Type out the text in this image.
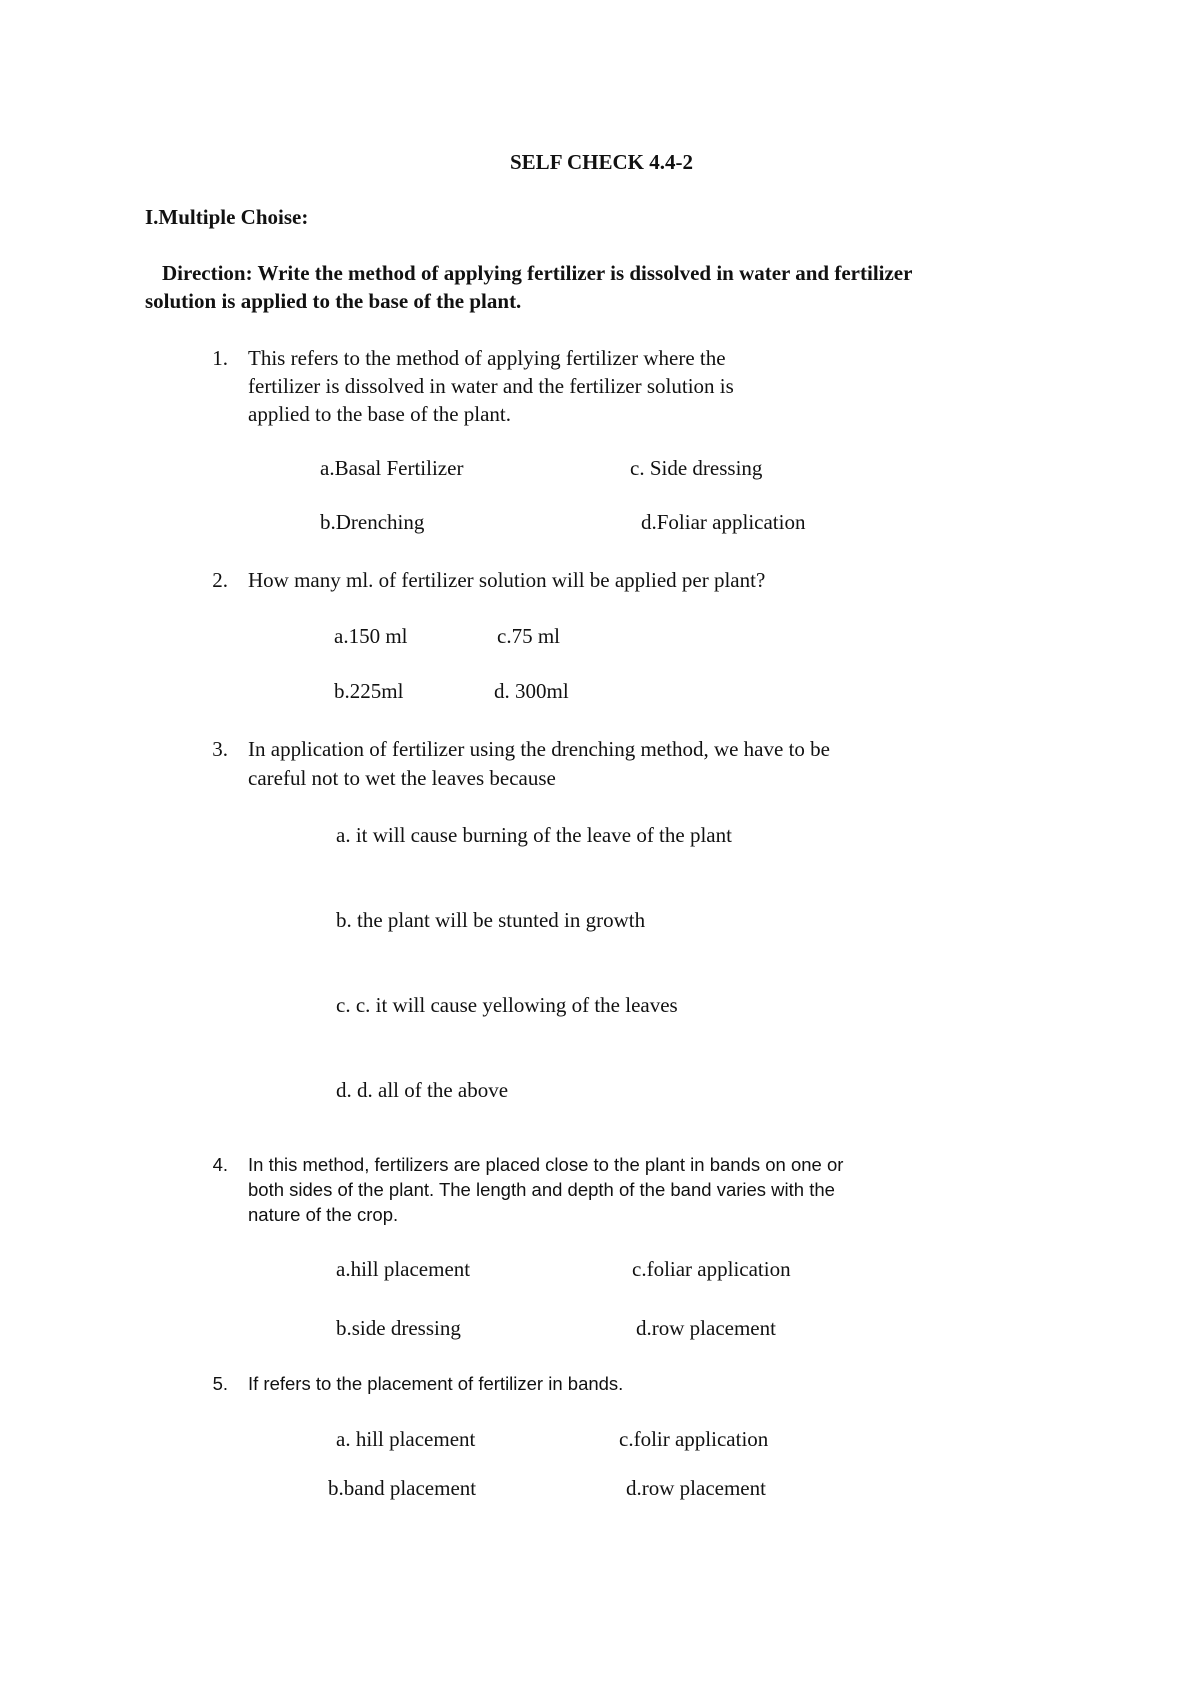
SELF CHECK 4.4-2
I.Multiple Choise:
Direction: Write the method of applying fertilizer is dissolved in water and fertilizer
solution is applied to the base of the plant.
1. This refers to the method of applying fertilizer where the
fertilizer is dissolved in water and the fertilizer solution is
applied to the base of the plant.
a.Basal Fertilizer	c. Side dressing
b.Drenching	d.Foliar application
2. How many ml. of fertilizer solution will be applied per plant?
a.150 ml	c.75 ml
b.225ml	d. 300ml
3. In application of fertilizer using the drenching method, we have to be
careful not to wet the leaves because
a. it will cause burning of the leave of the plant
b. the plant will be stunted in growth
c. c. it will cause yellowing of the leaves
d. d. all of the above
4. In this method, fertilizers are placed close to the plant in bands on one or
both sides of the plant. The length and depth of the band varies with the
nature of the crop.
a.hill placement	c.foliar application
b.side dressing	d.row placement
5. If refers to the placement of fertilizer in bands.
a. hill placement	c.folir application
b.band placement	d.row placement
